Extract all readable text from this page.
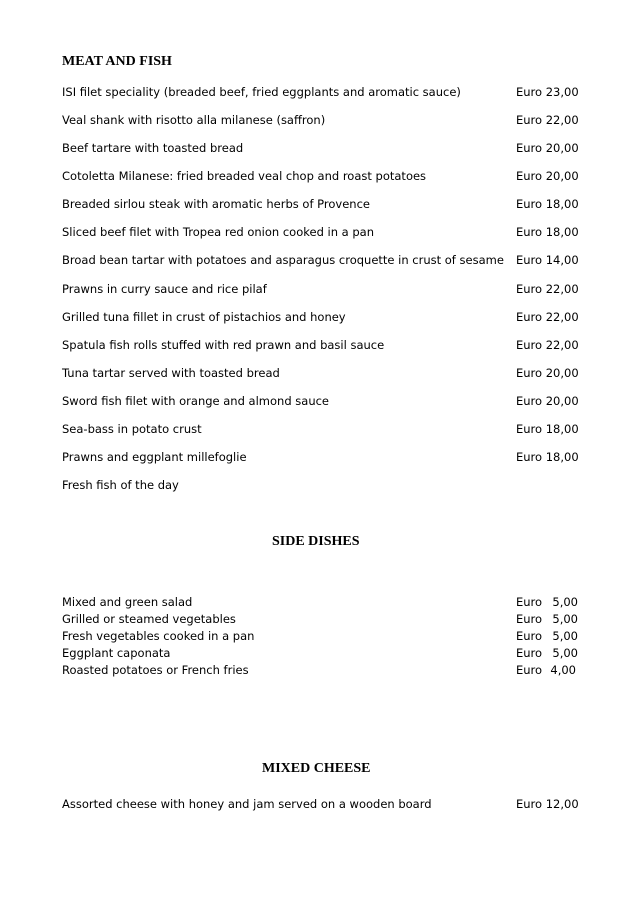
MEAT AND FISH
ISI filet speciality (breaded beef, fried eggplants and aromatic sauce)	Euro 23,00
Veal shank with risotto alla milanese (saffron)	Euro 22,00
Beef tartare with toasted bread	Euro 20,00
Cotoletta Milanese: fried breaded veal chop and roast potatoes	Euro 20,00
Breaded sirlou steak with aromatic herbs of Provence	Euro 18,00
Sliced beef filet with Tropea red onion cooked in a pan	Euro 18,00
Broad bean tartar with potatoes and asparagus croquette in crust of sesame Euro 14,00
Prawns in curry sauce and rice pilaf	Euro 22,00
Grilled tuna fillet in crust of pistachios and honey	Euro 22,00
Spatula fish rolls stuffed with red prawn and basil sauce	Euro 22,00
Tuna tartar served with toasted bread	Euro 20,00
Sword fish filet with orange and almond sauce	Euro 20,00
Sea-bass in potato crust	Euro 18,00
Prawns and eggplant millefoglie	Euro 18,00
Fresh fish of the day
SIDE DISHES
Mixed and green salad	Euro 5,00
Grilled or steamed vegetables	Euro 5,00
Fresh vegetables cooked in a pan	Euro 5,00
Eggplant caponata	Euro 5,00
Roasted potatoes or French fries	Euro 4,00
MIXED CHEESE
Assorted cheese with honey and jam served on a wooden board	Euro 12,00
